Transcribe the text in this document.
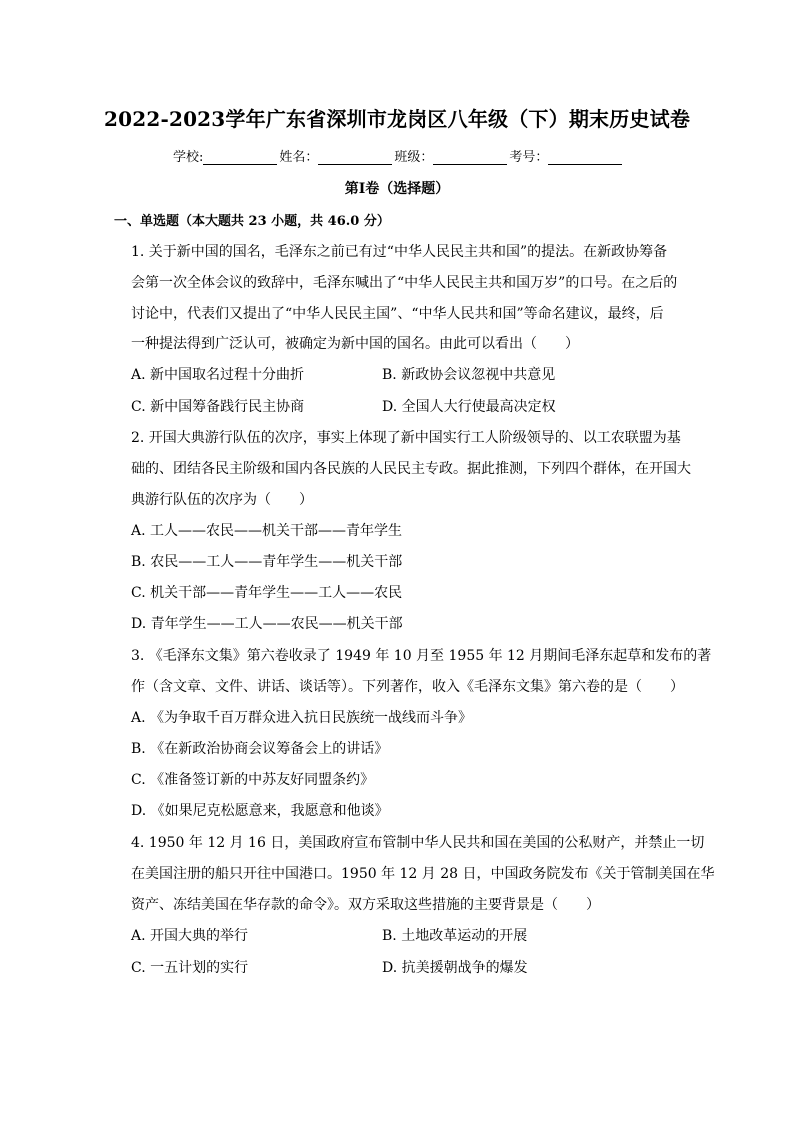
2022-2023学年广东省深圳市龙岗区八年级（下）期末历史试卷
学校:	姓名：	班级：	考号：
第Ⅰ卷（选择题）
一、单选题（本大题共 23 小题，共 46.0 分）
1. 关于新中国的国名，毛泽东之前已有过“中华人民民主共和国”的提法。在新政协筹备
会第一次全体会议的致辞中，毛泽东喊出了“中华人民民主共和国万岁”的口号。在之后的
讨论中，代表们又提出了“中华人民民主国”、“中华人民共和国”等命名建议，最终，后
一种提法得到广泛认可，被确定为新中国的国名。由此可以看出（　　）
A. 新中国取名过程十分曲折	B. 新政协会议忽视中共意见
C. 新中国筹备践行民主协商	D. 全国人大行使最高决定权
2. 开国大典游行队伍的次序，事实上体现了新中国实行工人阶级领导的、以工农联盟为基
础的、团结各民主阶级和国内各民族的人民民主专政。据此推测，下列四个群体，在开国大
典游行队伍的次序为（　　）
A. 工人——农民——机关干部——青年学生
B. 农民——工人——青年学生——机关干部
C. 机关干部——青年学生——工人——农民
D. 青年学生——工人——农民——机关干部
3. 《毛泽东文集》第六卷收录了 1949 年 10 月至 1955 年 12 月期间毛泽东起草和发布的著
作（含文章、文件、讲话、谈话等）。下列著作，收入《毛泽东文集》第六卷的是（　　）
A. 《为争取千百万群众进入抗日民族统一战线而斗争》
B. 《在新政治协商会议筹备会上的讲话》
C. 《准备签订新的中苏友好同盟条约》
D. 《如果尼克松愿意来，我愿意和他谈》
4. 1950 年 12 月 16 日，美国政府宣布管制中华人民共和国在美国的公私财产，并禁止一切
在美国注册的船只开往中国港口。1950 年 12 月 28 日，中国政务院发布《关于管制美国在华
资产、冻结美国在华存款的命令》。双方采取这些措施的主要背景是（　　）
A. 开国大典的举行	B. 土地改革运动的开展
C. 一五计划的实行	D. 抗美援朝战争的爆发
